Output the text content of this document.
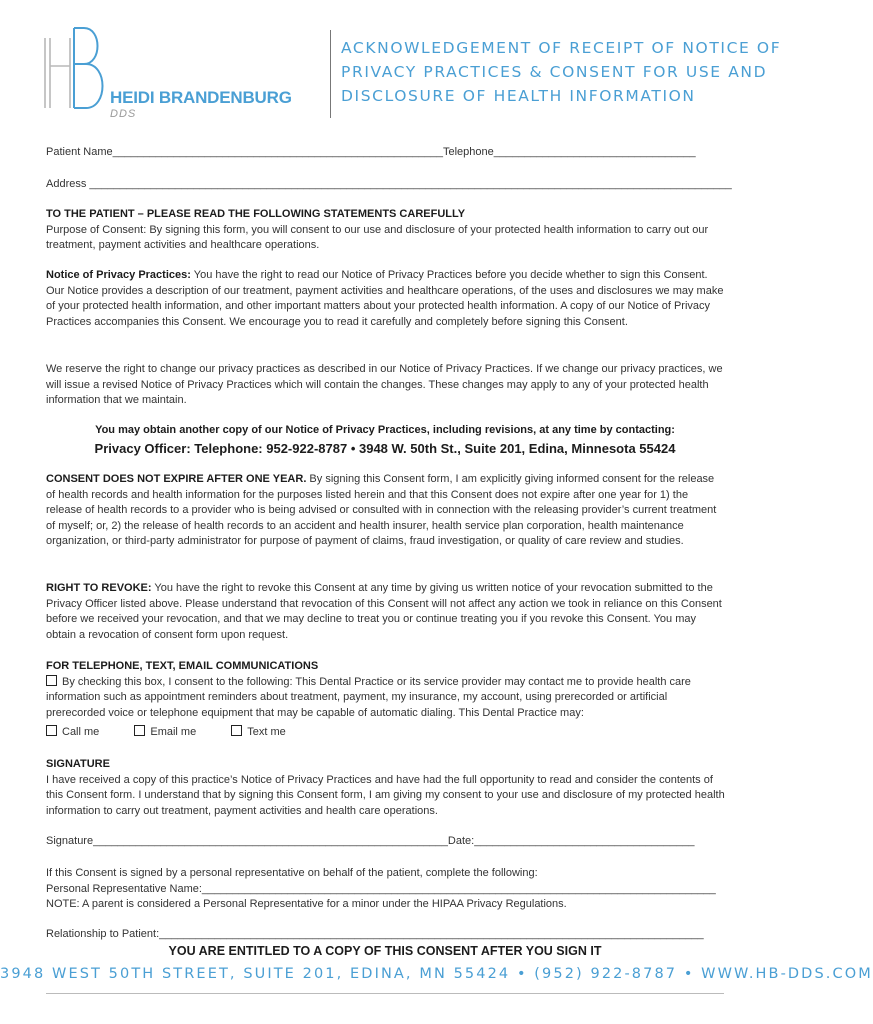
HEIDI BRANDENBURG
DDS
ACKNOWLEDGEMENT OF RECEIPT OF NOTICE OF
PRIVACY PRACTICES & CONSENT FOR USE AND
DISCLOSURE OF HEALTH INFORMATION
Patient Name______________________________________________________Telephone_________________________________
Address _________________________________________________________________________________________________________
TO THE PATIENT – PLEASE READ THE FOLLOWING STATEMENTS CAREFULLY
Purpose of Consent: By signing this form, you will consent to our use and disclosure of your protected health information to carry out our treatment, payment activities and healthcare operations.
Notice of Privacy Practices: You have the right to read our Notice of Privacy Practices before you decide whether to sign this Consent. Our Notice provides a description of our treatment, payment activities and healthcare operations, of the uses and disclosures we may make of your protected health information, and other important matters about your protected health information. A copy of our Notice of Privacy Practices accompanies this Consent. We encourage you to read it carefully and completely before signing this Consent.
We reserve the right to change our privacy practices as described in our Notice of Privacy Practices. If we change our privacy practices, we will issue a revised Notice of Privacy Practices which will contain the changes. These changes may apply to any of your protected health information that we maintain.
You may obtain another copy of our Notice of Privacy Practices, including revisions, at any time by contacting:
Privacy Officer: Telephone: 952-922-8787 • 3948 W. 50th St., Suite 201, Edina, Minnesota 55424
CONSENT DOES NOT EXPIRE AFTER ONE YEAR. By signing this Consent form, I am explicitly giving informed consent for the release of health records and health information for the purposes listed herein and that this Consent does not expire after one year for 1) the release of health records to a provider who is being advised or consulted with in connection with the releasing provider’s current treatment of myself; or, 2) the release of health records to an accident and health insurer, health service plan corporation, health maintenance organization, or third-party administrator for purpose of payment of claims, fraud investigation, or quality of care review and studies.
RIGHT TO REVOKE: You have the right to revoke this Consent at any time by giving us written notice of your revocation submitted to the Privacy Officer listed above. Please understand that revocation of this Consent will not affect any action we took in reliance on this Consent before we received your revocation, and that we may decline to treat you or continue treating you if you revoke this Consent. You may obtain a revocation of consent form upon request.
FOR TELEPHONE, TEXT, EMAIL COMMUNICATIONS
By checking this box, I consent to the following: This Dental Practice or its service provider may contact me to provide health care information such as appointment reminders about treatment, payment, my insurance, my account, using prerecorded or artificial prerecorded voice or telephone equipment that may be capable of automatic dialing. This Dental Practice may:
Call me	Email me	Text me
SIGNATURE
I have received a copy of this practice’s Notice of Privacy Practices and have had the full opportunity to read and consider the contents of this Consent form. I understand that by signing this Consent form, I am giving my consent to your use and disclosure of my protected health information to carry out treatment, payment activities and health care operations.
Signature__________________________________________________________Date:____________________________________
If this Consent is signed by a personal representative on behalf of the patient, complete the following:
Personal Representative Name:____________________________________________________________________________________
NOTE: A parent is considered a Personal Representative for a minor under the HIPAA Privacy Regulations.
Relationship to Patient:_________________________________________________________________________________________
YOU ARE ENTITLED TO A COPY OF THIS CONSENT AFTER YOU SIGN IT
3948 WEST 50TH STREET, SUITE 201, EDINA, MN 55424 • (952) 922-8787 • WWW.HB-DDS.COM
